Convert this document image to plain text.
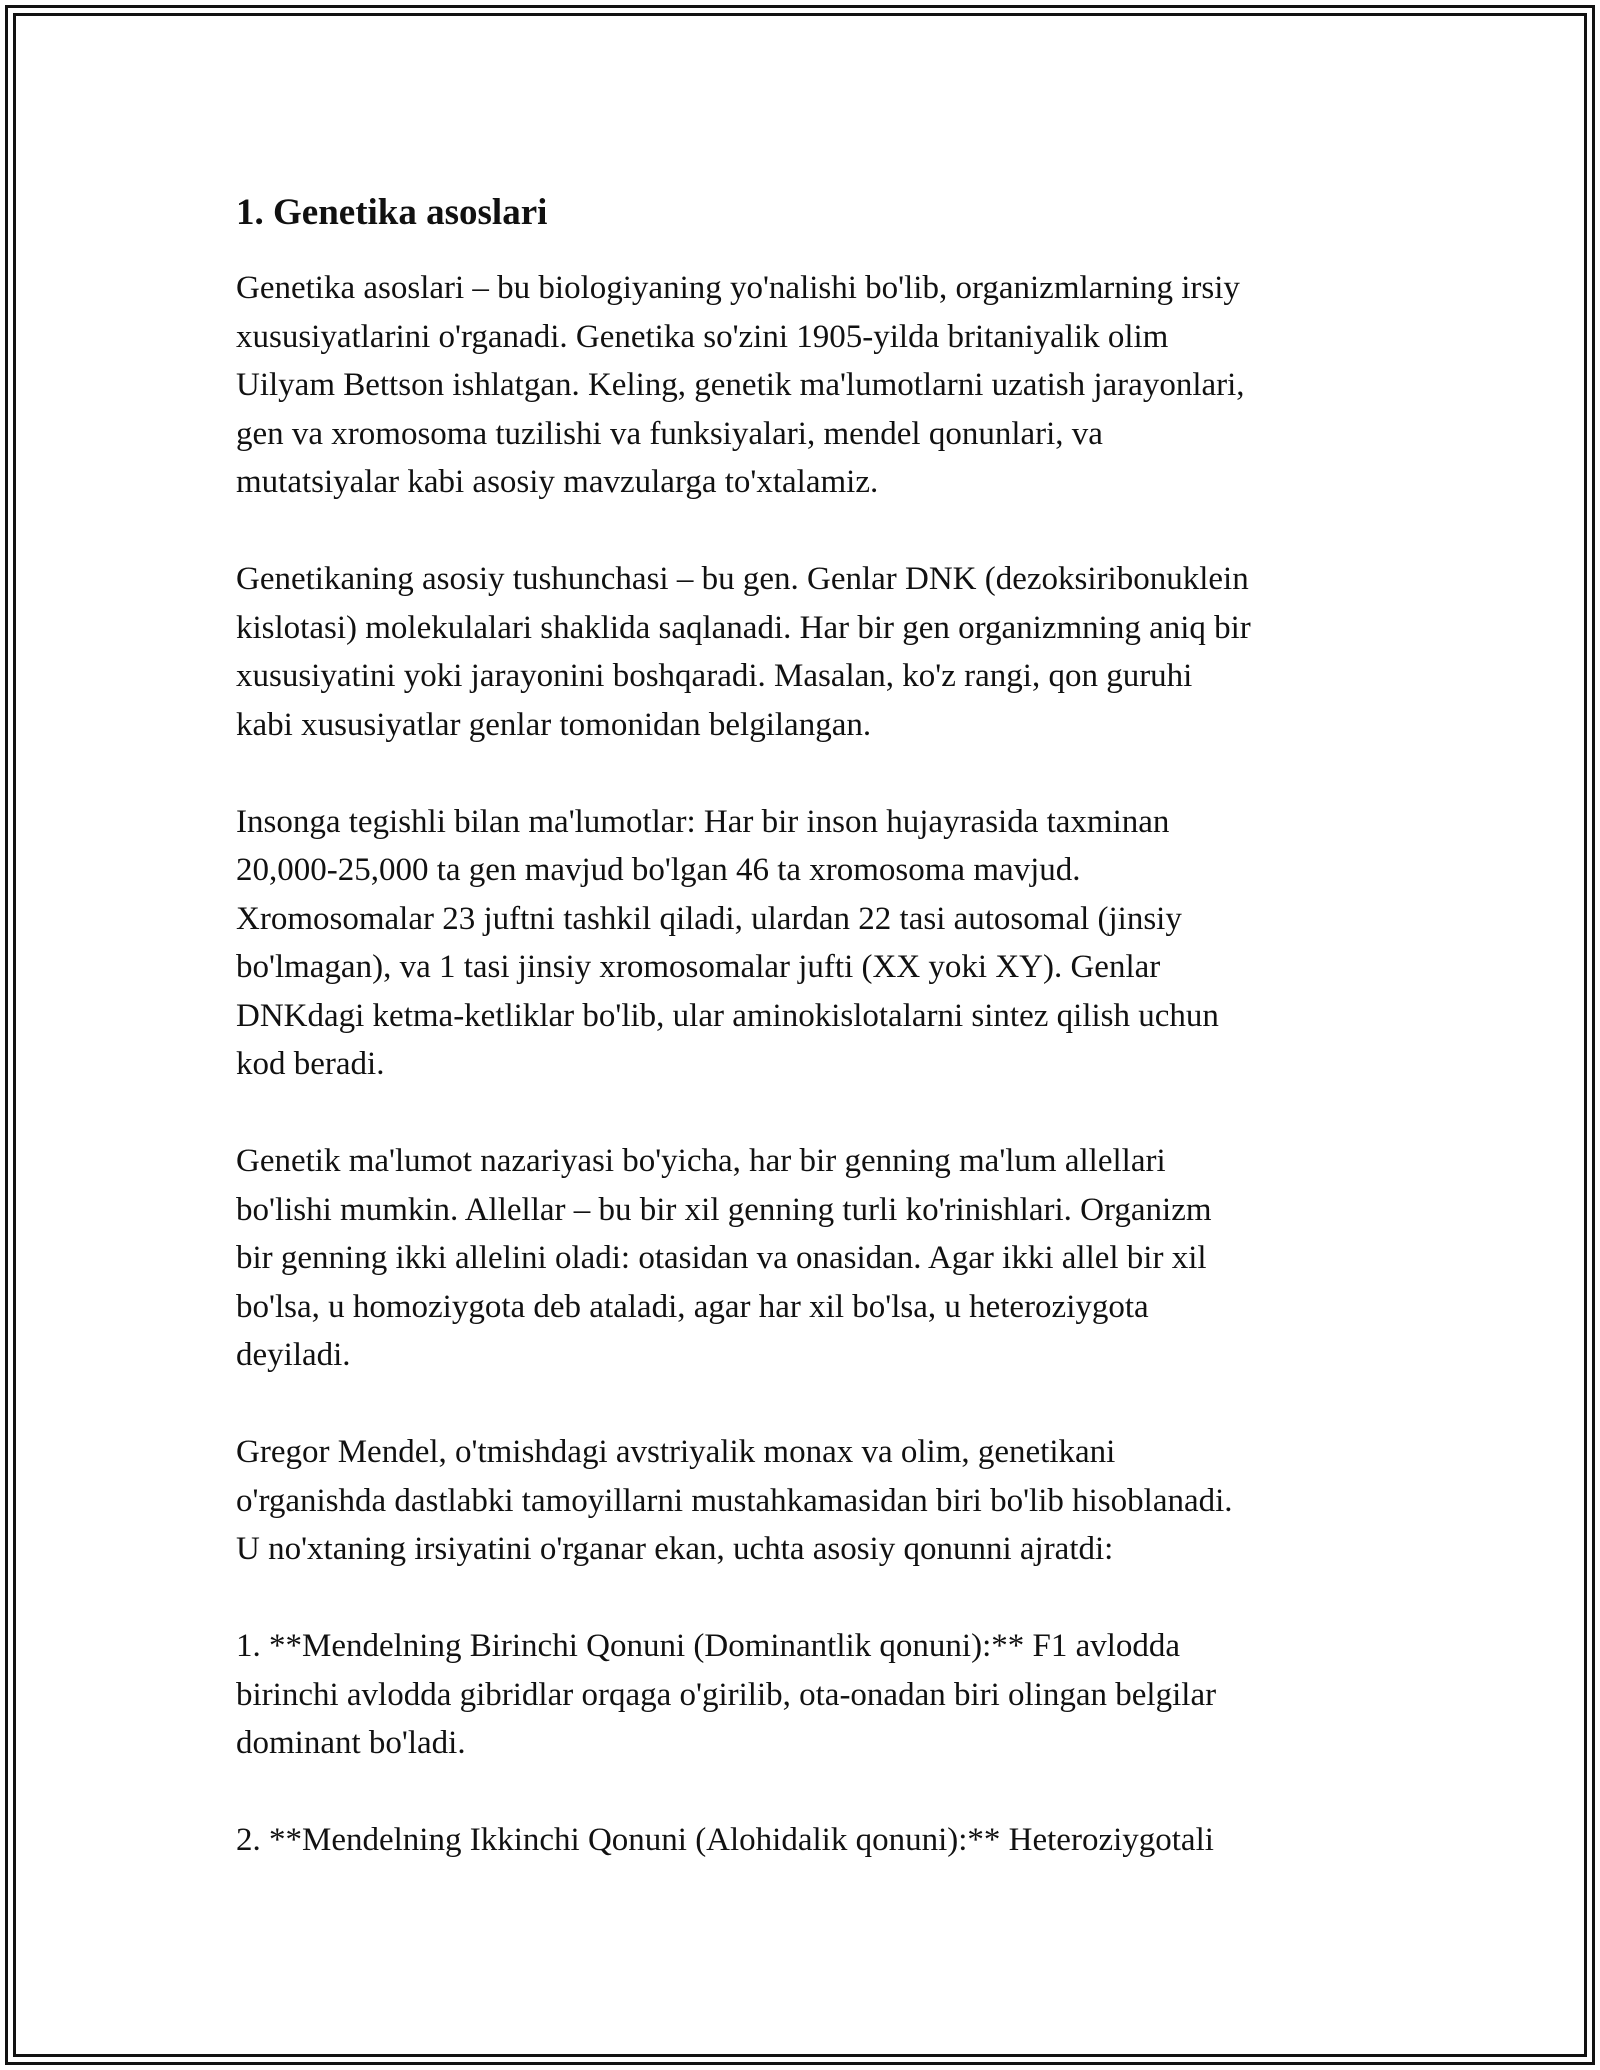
1. Genetika asoslari

Genetika asoslari – bu biologiyaning yo'nalishi bo'lib, organizmlarning irsiy
xususiyatlarini o'rganadi. Genetika so'zini 1905-yilda britaniyalik olim
Uilyam Bettson ishlatgan. Keling, genetik ma'lumotlarni uzatish jarayonlari,
gen va xromosoma tuzilishi va funksiyalari, mendel qonunlari, va
mutatsiyalar kabi asosiy mavzularga to'xtalamiz.

Genetikaning asosiy tushunchasi – bu gen. Genlar DNK (dezoksiribonuklein
kislotasi) molekulalari shaklida saqlanadi. Har bir gen organizmning aniq bir
xususiyatini yoki jarayonini boshqaradi. Masalan, ko'z rangi, qon guruhi
kabi xususiyatlar genlar tomonidan belgilangan.

Insonga tegishli bilan ma'lumotlar: Har bir inson hujayrasida taxminan
20,000-25,000 ta gen mavjud bo'lgan 46 ta xromosoma mavjud.
Xromosomalar 23 juftni tashkil qiladi, ulardan 22 tasi autosomal (jinsiy
bo'lmagan), va 1 tasi jinsiy xromosomalar jufti (XX yoki XY). Genlar
DNKdagi ketma-ketliklar bo'lib, ular aminokislotalarni sintez qilish uchun
kod beradi.

Genetik ma'lumot nazariyasi bo'yicha, har bir genning ma'lum allellari
bo'lishi mumkin. Allellar – bu bir xil genning turli ko'rinishlari. Organizm
bir genning ikki allelini oladi: otasidan va onasidan. Agar ikki allel bir xil
bo'lsa, u homoziygota deb ataladi, agar har xil bo'lsa, u heteroziygota
deyiladi.

Gregor Mendel, o'tmishdagi avstriyalik monax va olim, genetikani
o'rganishda dastlabki tamoyillarni mustahkamasidan biri bo'lib hisoblanadi.
U no'xtaning irsiyatini o'rganar ekan, uchta asosiy qonunni ajratdi:

1. **Mendelning Birinchi Qonuni (Dominantlik qonuni):** F1 avlodda
birinchi avlodda gibridlar orqaga o'girilib, ota-onadan biri olingan belgilar
dominant bo'ladi.

2. **Mendelning Ikkinchi Qonuni (Alohidalik qonuni):** Heteroziygotali
